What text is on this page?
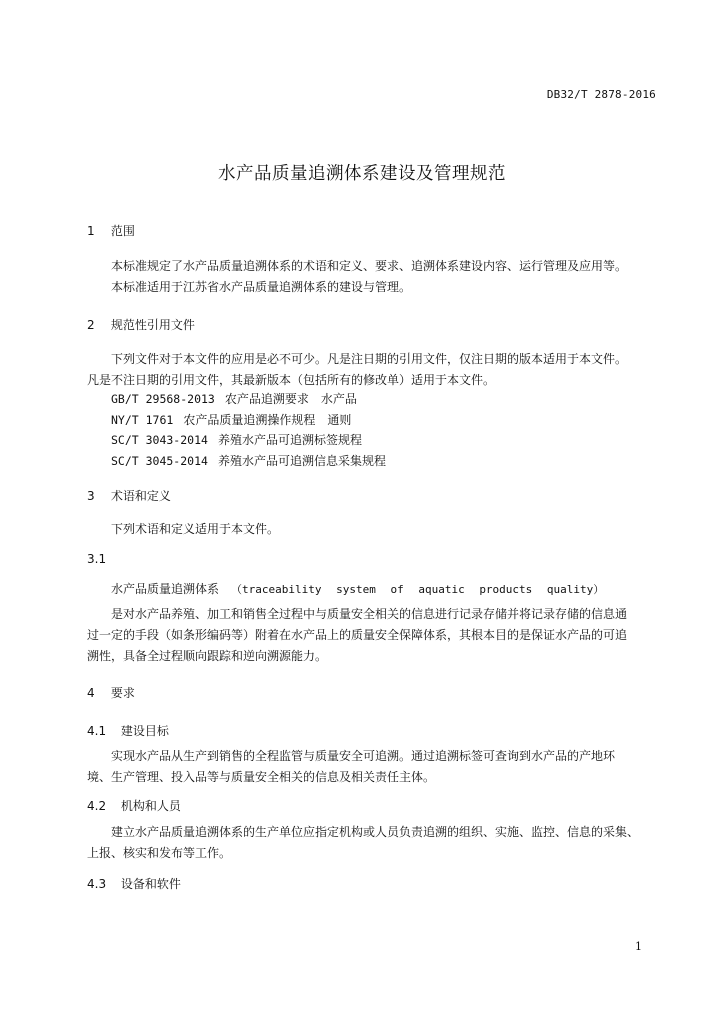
DB32/T 2878-2016
水产品质量追溯体系建设及管理规范
1 范围
本标准规定了水产品质量追溯体系的术语和定义、要求、追溯体系建设内容、运行管理及应用等。
本标准适用于江苏省水产品质量追溯体系的建设与管理。
2 规范性引用文件
下列文件对于本文件的应用是必不可少。凡是注日期的引用文件，仅注日期的版本适用于本文件。
凡是不注日期的引用文件，其最新版本（包括所有的修改单）适用于本文件。
GB/T 29568-2013 农产品追溯要求　水产品
NY/T 1761 农产品质量追溯操作规程　通则
SC/T 3043-2014 养殖水产品可追溯标签规程
SC/T 3045-2014 养殖水产品可追溯信息采集规程
3 术语和定义
下列术语和定义适用于本文件。
3.1
水产品质量追溯体系 （traceability system of aquatic products quality）
是对水产品养殖、加工和销售全过程中与质量安全相关的信息进行记录存储并将记录存储的信息通
过一定的手段（如条形编码等）附着在水产品上的质量安全保障体系，其根本目的是保证水产品的可追
溯性，具备全过程顺向跟踪和逆向溯源能力。
4 要求
4.1 建设目标
实现水产品从生产到销售的全程监管与质量安全可追溯。通过追溯标签可查询到水产品的产地环
境、生产管理、投入品等与质量安全相关的信息及相关责任主体。
4.2 机构和人员
建立水产品质量追溯体系的生产单位应指定机构或人员负责追溯的组织、实施、监控、信息的采集、
上报、核实和发布等工作。
4.3 设备和软件
1
